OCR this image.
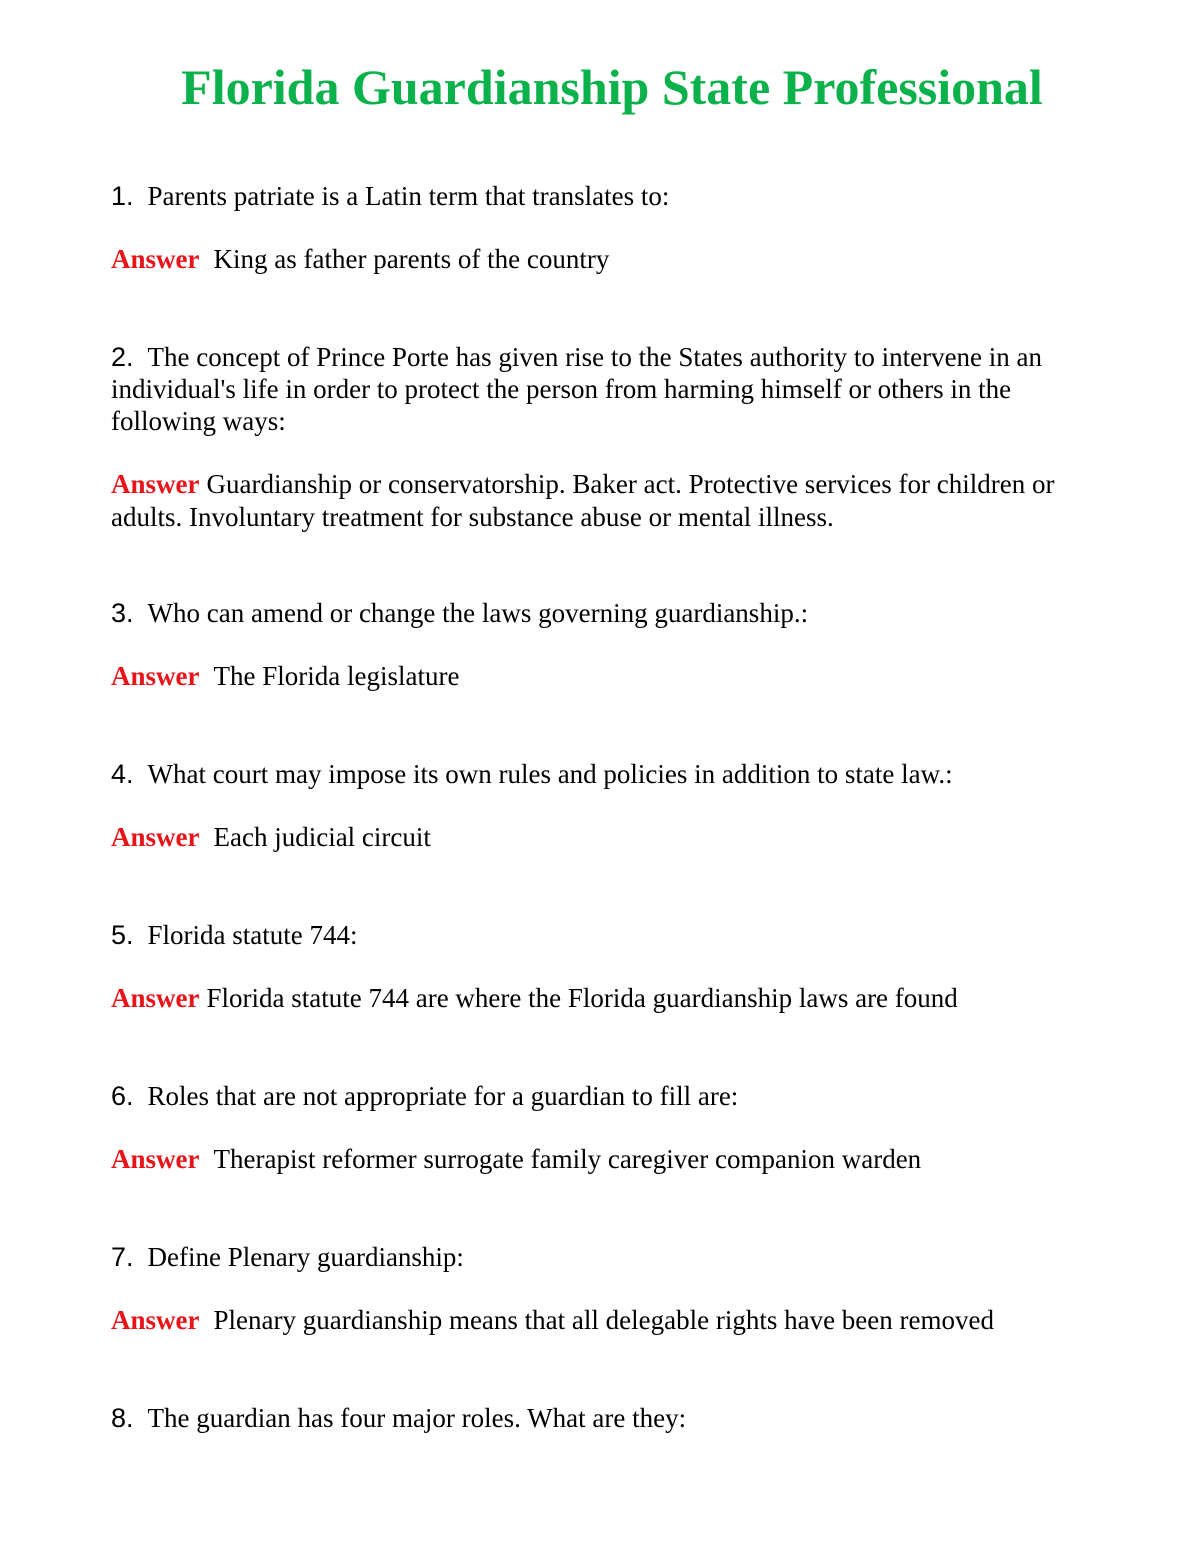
Florida Guardianship State Professional

1. Parents patriate is a Latin term that translates to:

Answer King as father parents of the country

2. The concept of Prince Porte has given rise to the States authority to intervene in an individual's life in order to protect the person from harming himself or others in the following ways:

Answer Guardianship or conservatorship. Baker act. Protective services for children or adults. Involuntary treatment for substance abuse or mental illness.

3. Who can amend or change the laws governing guardianship.:

Answer The Florida legislature

4. What court may impose its own rules and policies in addition to state law.:

Answer Each judicial circuit

5. Florida statute 744:

Answer Florida statute 744 are where the Florida guardianship laws are found

6. Roles that are not appropriate for a guardian to fill are:

Answer Therapist reformer surrogate family caregiver companion warden

7. Define Plenary guardianship:

Answer Plenary guardianship means that all delegable rights have been removed

8. The guardian has four major roles. What are they:
